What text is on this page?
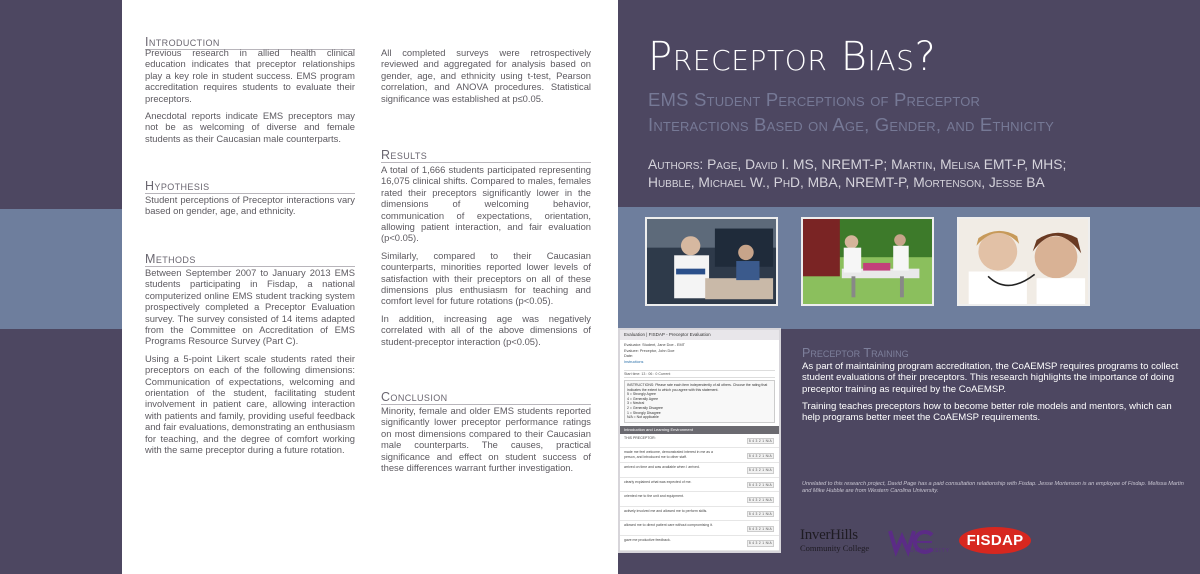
Introduction

Previous research in allied health clinical education indicates that preceptor relationships play a key role in student success. EMS program accreditation requires students to evaluate their preceptors.

Anecdotal reports indicate EMS preceptors may not be as welcoming of diverse and female students as their Caucasian male counterparts.

Hypothesis

Student perceptions of Preceptor interactions vary based on gender, age, and ethnicity.

Methods

Between September 2007 to January 2013 EMS students participating in Fisdap, a national computerized online EMS student tracking system prospectively completed a Preceptor Evaluation survey. The survey consisted of 14 items adapted from the Committee on Accreditation of EMS Programs Resource Survey (Part C).

Using a 5-point Likert scale students rated their preceptors on each of the following dimensions: Communication of expectations, welcoming and orientation of the student, facilitating student involvement in patient care, allowing interaction with patients and family, providing useful feedback and fair evaluations, demonstrating an enthusiasm for teaching, and the degree of comfort working with the same preceptor during a future rotation.

All completed surveys were retrospectively reviewed and aggregated for analysis based on gender, age, and ethnicity using t-test, Pearson correlation, and ANOVA procedures. Statistical significance was established at p≤0.05.

Results

A total of 1,666 students participated representing 16,075 clinical shifts. Compared to males, females rated their preceptors significantly lower in the dimensions of welcoming behavior, communication of expectations, orientation, allowing patient interaction, and fair evaluation (p<0.05).

Similarly, compared to their Caucasian counterparts, minorities reported lower levels of satisfaction with their preceptors on all of these dimensions plus enthusiasm for teaching and comfort level for future rotations (p<0.05).

In addition, increasing age was negatively correlated with all of the above dimensions of student-preceptor interaction (p<0.05).

Conclusion

Minority, female and older EMS students reported significantly lower preceptor performance ratings on most dimensions compared to their Caucasian male counterparts. The causes, practical significance and effect on student success of these differences warrant further investigation.

Preceptor Bias?
EMS Student Perceptions of Preceptor
Interactions Based on Age, Gender, and Ethnicity
Authors: Page, David I. MS, NREMT-P; Martin, Melisa EMT-P, MHS;
Hubble, Michael W., PhD, MBA, NREMT-P, Mortenson, Jesse BA
Evaluation | FISDAP - Preceptor Evaluation
Evaluator: Student, Jane Doe - EMT
Evaluee: Preceptor, John Doe
Date:
Instructions
Start time: 13 : 06 : 0 Current
INSTRUCTIONS: Please rate each item independently of all others. Choose the rating that indicates the extent to which you agree with this statement.
5 = Strongly Agree
4 = Generally Agree
3 = Neutral
2 = Generally Disagree
1 = Strongly Disagree
N/A = Not applicable
Introduction and Learning Environment
THIS PRECEPTOR:
5 4 3 2 1 N/A
made me feel welcome, demonstrated interest in me as a person, and introduced me to other staff.	5 4 3 2 1 N/A
arrived on time and was available when I arrived.
5 4 3 2 1 N/A
clearly explained what was expected of me.
5 4 3 2 1 N/A
oriented me to the unit and equipment.
5 4 3 2 1 N/A
actively involved me and allowed me to perform skills.
5 4 3 2 1 N/A
allowed me to direct patient care without compromising it.
5 4 3 2 1 N/A
gave me productive feedback.
5 4 3 2 1 N/A
Preceptor Training

As part of maintaining program accreditation, the CoAEMSP requires programs to collect student evaluations of their preceptors. This research highlights the importance of doing preceptor training as required by the CoAEMSP.

Training teaches preceptors how to become better role models and mentors, which can help programs better meet the CoAEMSP requirements.

Unrelated to this research project, David Page has a paid consultation relationship with Fisdap. Jesse Mortenson is an employee of Fisdap. Melissa Martin and Mike Hubble are from Western Carolina University.
InverHills
Community College	UNIVERSITY
FISDAP
